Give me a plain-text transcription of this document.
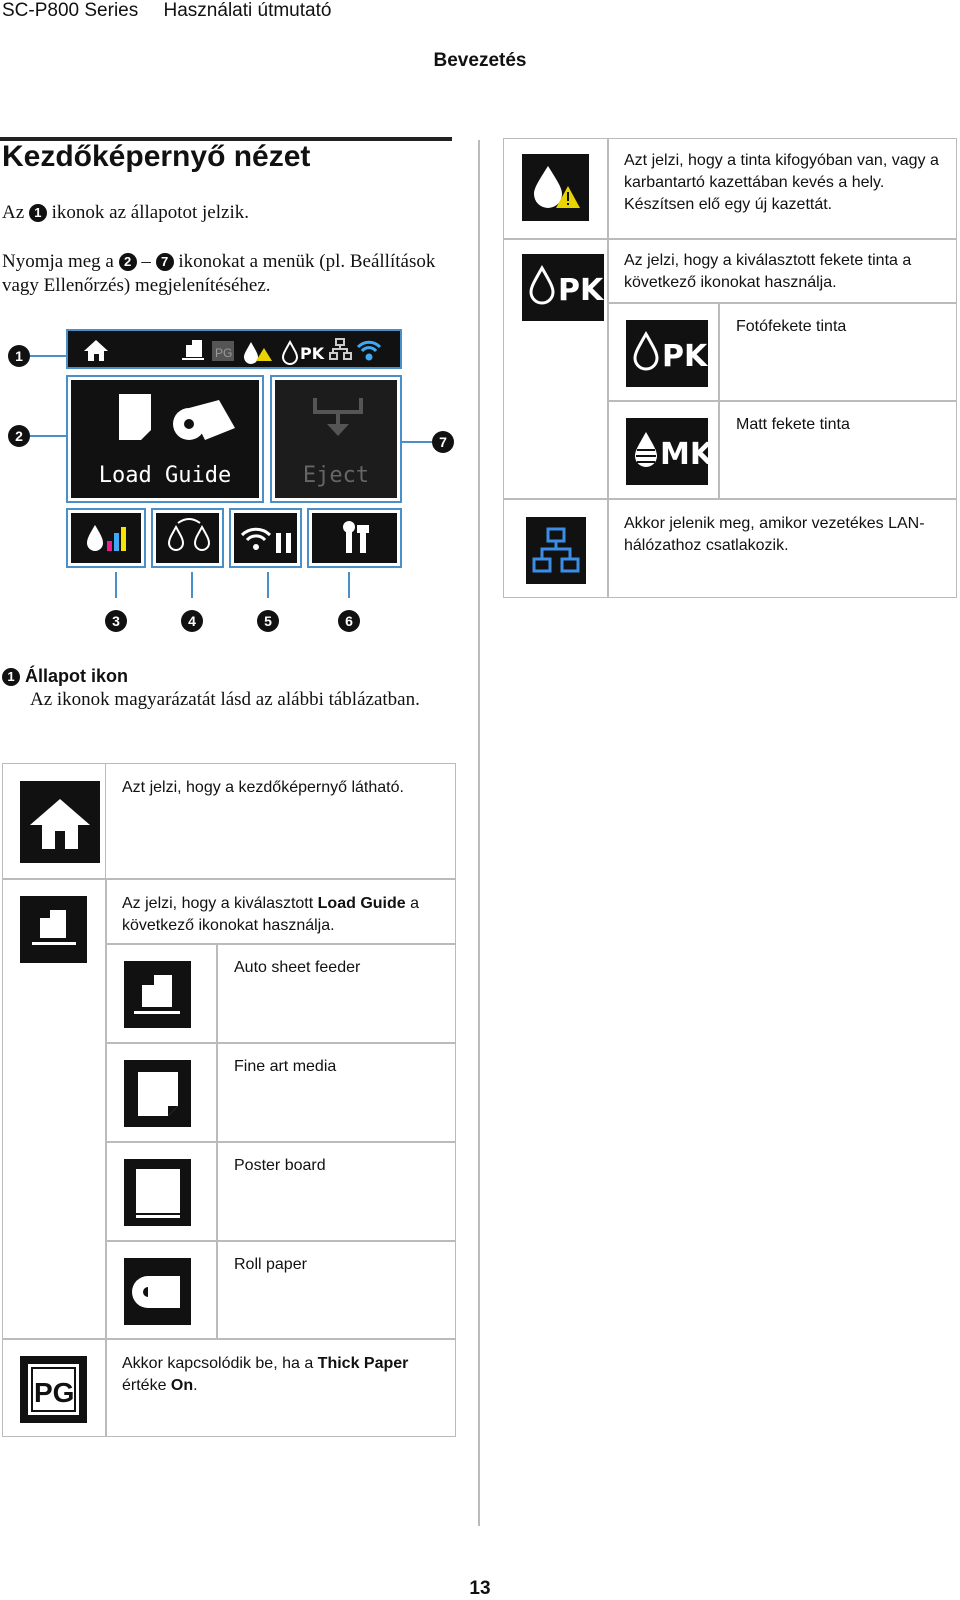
SC-P800 Series Használati útmutató
Bevezetés
Kezdőképernyő nézet
Az 1 ikonok az állapotot jelzik.
Nyomja meg a 2 – 7 ikonokat a menük (pl. Beállítások vagy Ellenőrzés) megjelenítéséhez.
1	PG	PK
Load Guide	Eject
2	7
3	4	5	6
1 Állapot ikon
Az ikonok magyarázatát lásd az alábbi táblázatban.
Azt jelzi, hogy a kezdőképernyő látható.
Az jelzi, hogy a kiválasztott Load Guide a következő ikonokat használja.
Auto sheet feeder
Fine art media
Poster board
Roll paper
PG
Akkor kapcsolódik be, ha a Thick Paper értéke On.
Azt jelzi, hogy a tinta kifogyóban van, vagy a karbantartó kazettában kevés a hely. Készítsen elő egy új kazettát.
PK
Az jelzi, hogy a kiválasztott fekete tinta a következő ikonokat használja.
PK
Fotófekete tinta
MK
Matt fekete tinta
Akkor jelenik meg, amikor vezetékes LAN-hálózathoz csatlakozik.
13
